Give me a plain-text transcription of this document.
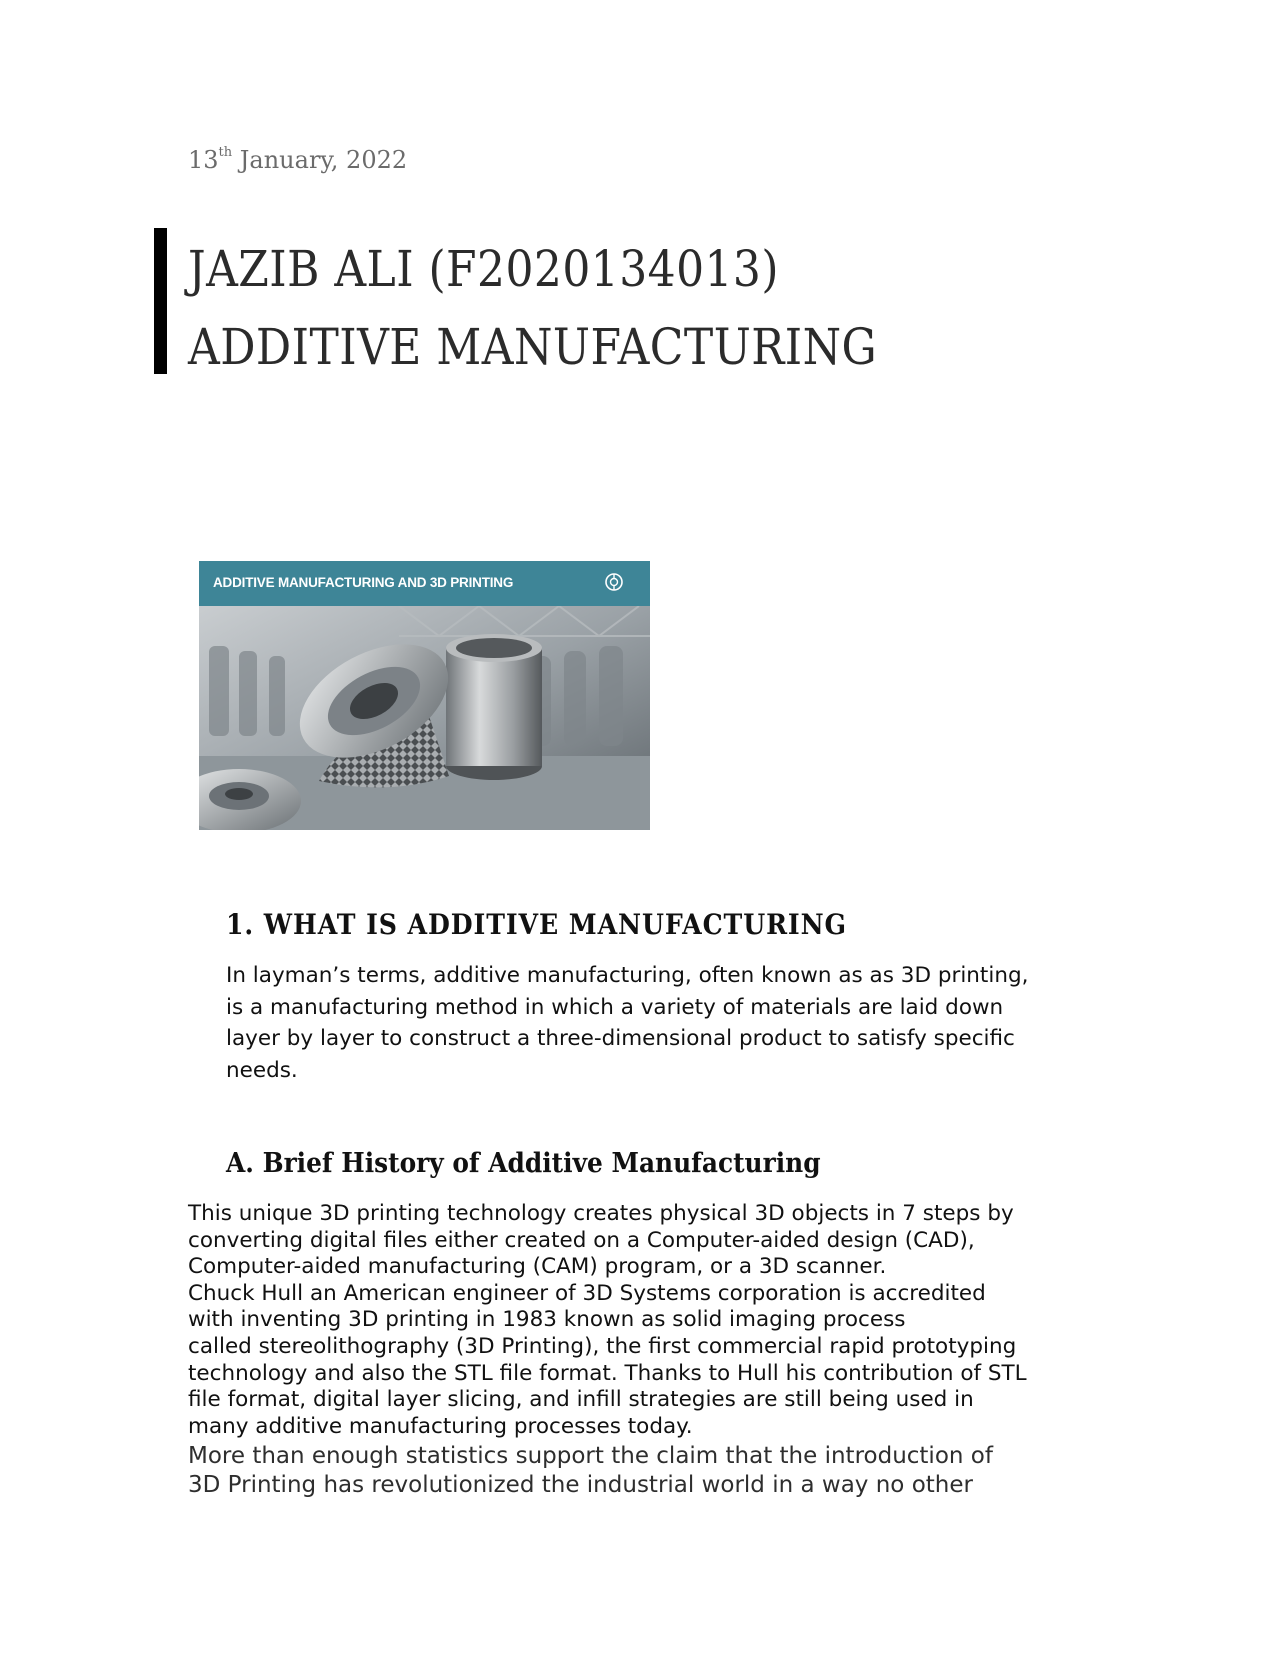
13th January, 2022
JAZIB ALI (F2020134013)
ADDITIVE MANUFACTURING
ADDITIVE MANUFACTURING AND 3D PRINTING
1. WHAT IS ADDITIVE MANUFACTURING

In layman’s terms, additive manufacturing, often known as as 3D printing,
is a manufacturing method in which a variety of materials are laid down
layer by layer to construct a three-dimensional product to satisfy specific
needs.

A. Brief History of Additive Manufacturing

This unique 3D printing technology creates physical 3D objects in 7 steps by
converting digital files either created on a Computer-aided design (CAD),
Computer-aided manufacturing (CAM) program, or a 3D scanner.
Chuck Hull an American engineer of 3D Systems corporation is accredited
with inventing 3D printing in 1983 known as solid imaging process
called stereolithography (3D Printing), the first commercial rapid prototyping
technology and also the STL file format. Thanks to Hull his contribution of STL
file format, digital layer slicing, and infill strategies are still being used in
many additive manufacturing processes today.

More than enough statistics support the claim that the introduction of
3D Printing has revolutionized the industrial world in a way no other
